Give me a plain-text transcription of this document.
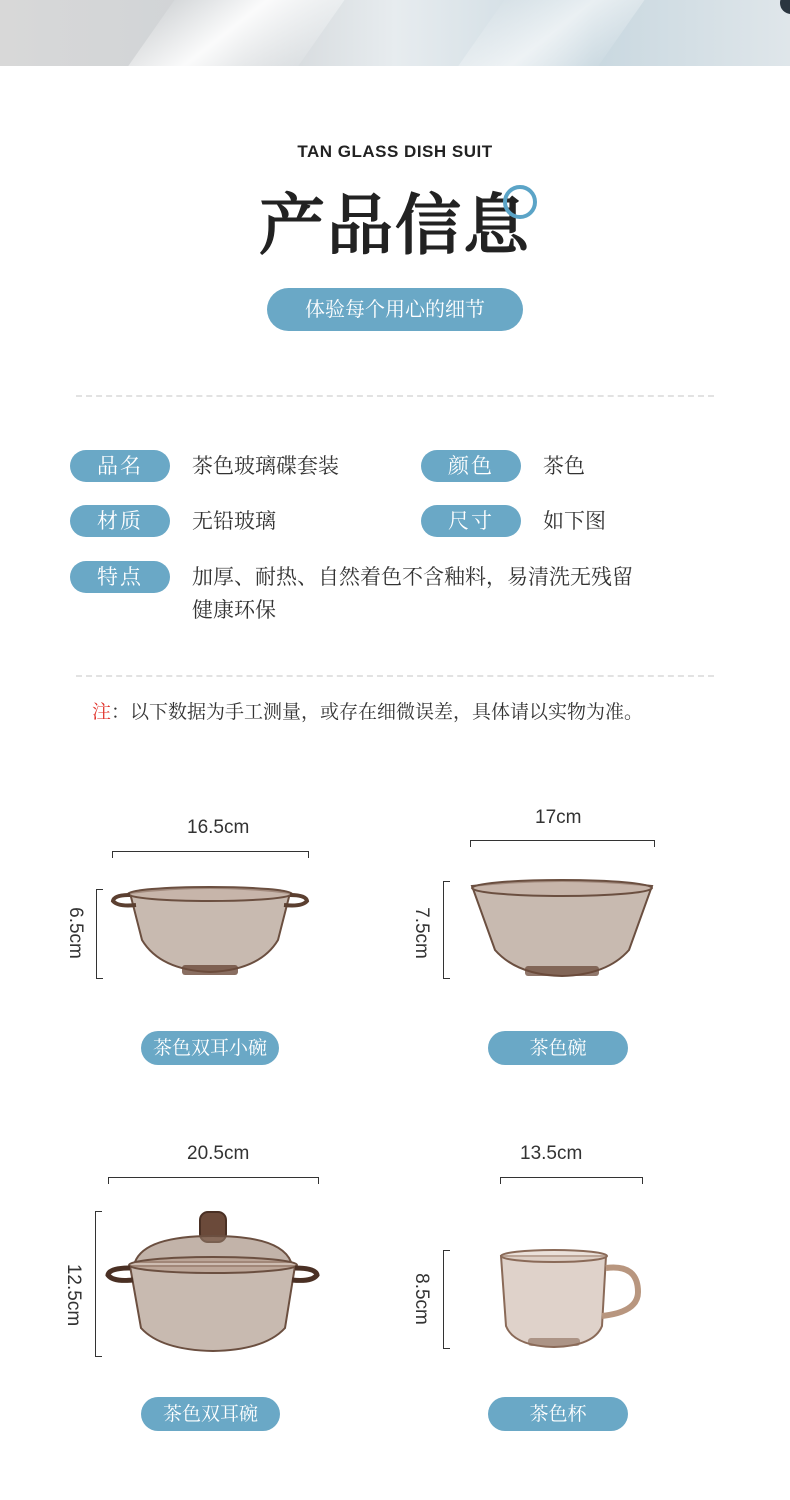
TAN GLASS DISH SUIT
产品信息
体验每个用心的细节
品名	茶色玻璃碟套装	颜色	茶色
材质	无铅玻璃	尺寸	如下图
特点	加厚、耐热、自然着色不含釉料，易清洗无残留
健康环保
注：以下数据为手工测量，或存在细微误差，具体请以实物为准。
16.5cm
6.5cm
茶色双耳小碗
17cm
7.5cm
茶色碗
20.5cm
12.5cm
茶色双耳碗
13.5cm
8.5cm
茶色杯
